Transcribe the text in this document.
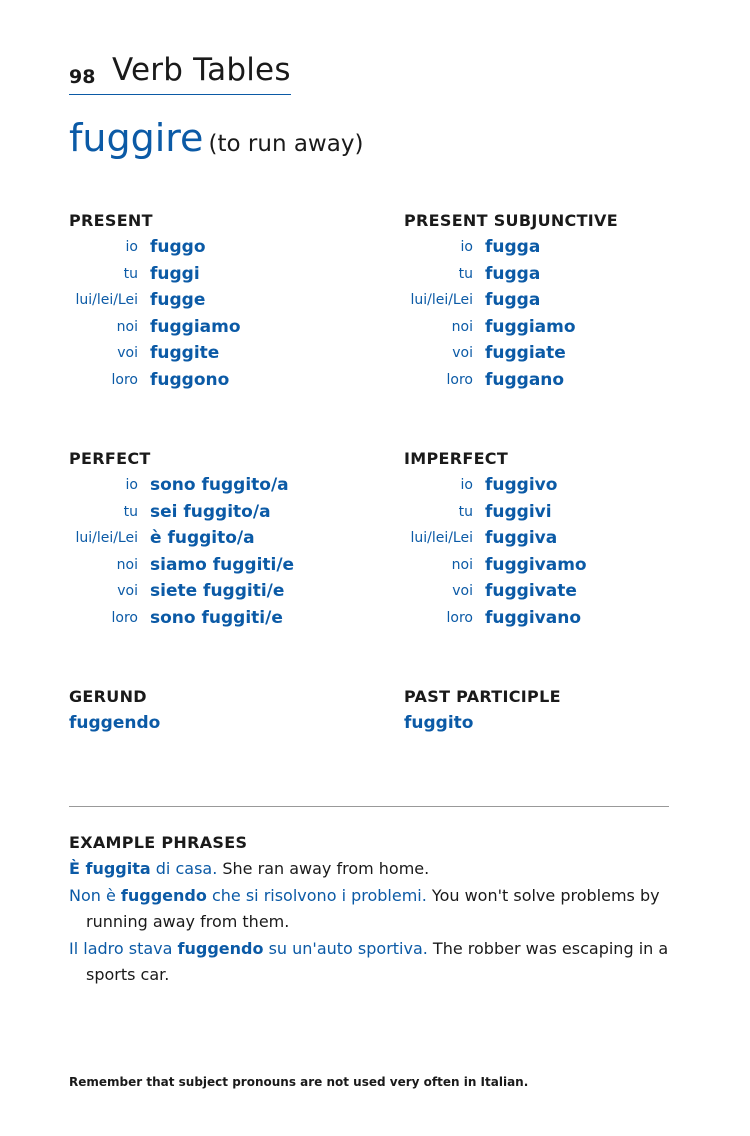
98 Verb Tables
fuggire (to run away)
PRESENT
io fuggo
tu fuggi
lui/lei/Lei fugge
noi fuggiamo
voi fuggite
loro fuggono
PRESENT SUBJUNCTIVE
io fugga
tu fugga
lui/lei/Lei fugga
noi fuggiamo
voi fuggiate
loro fuggano
PERFECT
io sono fuggito/a
tu sei fuggito/a
lui/lei/Lei è fuggito/a
noi siamo fuggiti/e
voi siete fuggiti/e
loro sono fuggiti/e
IMPERFECT
io fuggivo
tu fuggivi
lui/lei/Lei fuggiva
noi fuggivamo
voi fuggivate
loro fuggivano
GERUND
fuggendo
PAST PARTICIPLE
fuggito
EXAMPLE PHRASES

È fuggita di casa. She ran away from home.

Non è fuggendo che si risolvono i problemi. You won't solve problems by running away from them.

Il ladro stava fuggendo su un'auto sportiva. The robber was escaping in a sports car.

Remember that subject pronouns are not used very often in Italian.
